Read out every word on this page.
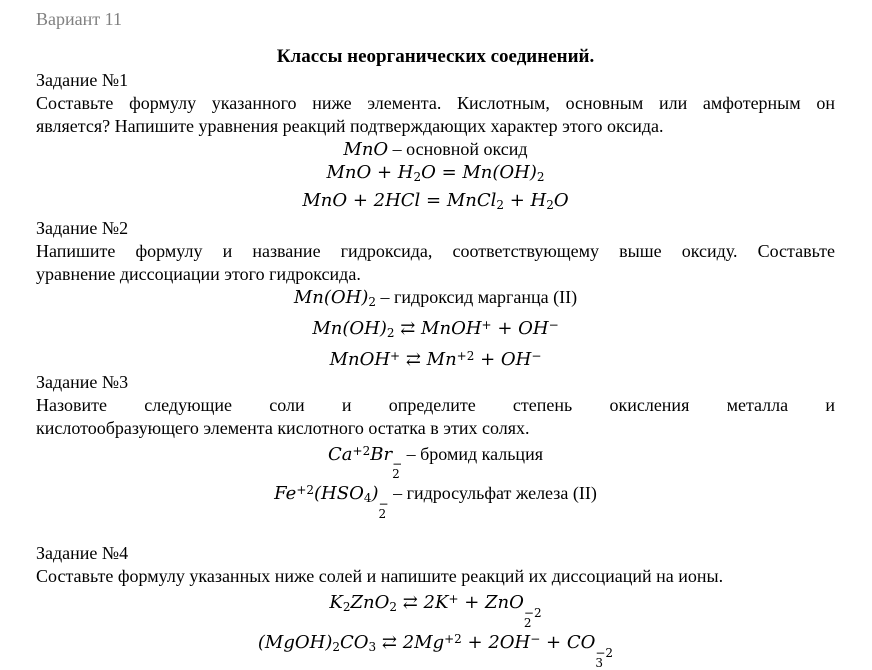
Вариант 11
Классы неорганических соединений.
Задание №1
Составьте формулу указанного ниже элемента. Кислотным, основным или амфотерным он
является? Напишите уравнения реакций подтверждающих характер этого оксида.
MnO – основной оксид
MnO + H2O = Mn(OH)2
MnO + 2HCl = MnCl2 + H2O
Задание №2
Напишите формулу и название гидроксида, соответствующему выше оксиду. Составьте
уравнение диссоциации этого гидроксида.
Mn(OH)2 – гидроксид марганца (II)
Mn(OH)2 ⇄ MnOH+ + OH−
MnOH+ ⇄ $Mn^{+2} + OH^-$
Задание №3
Назовите следующие соли и определите степень окисления металла и
кислотообразующего элемента кислотного остатка в этих солях.
$Ca^{+2}Br$ −
2
– бромид кальция
$Fe^{+2}(HSO4)$ −
2
– гидросульфат железа (II)
Задание №4
Составьте формулу указанных ниже солей и напишите реакций их диссоциаций на ионы.
K2ZnO2 ⇄ 2K+ + ZnO −2
2
(MgOH)2CO3 ⇄ $2Mg^{+2} + 2OH^-$ + CO −2
3
